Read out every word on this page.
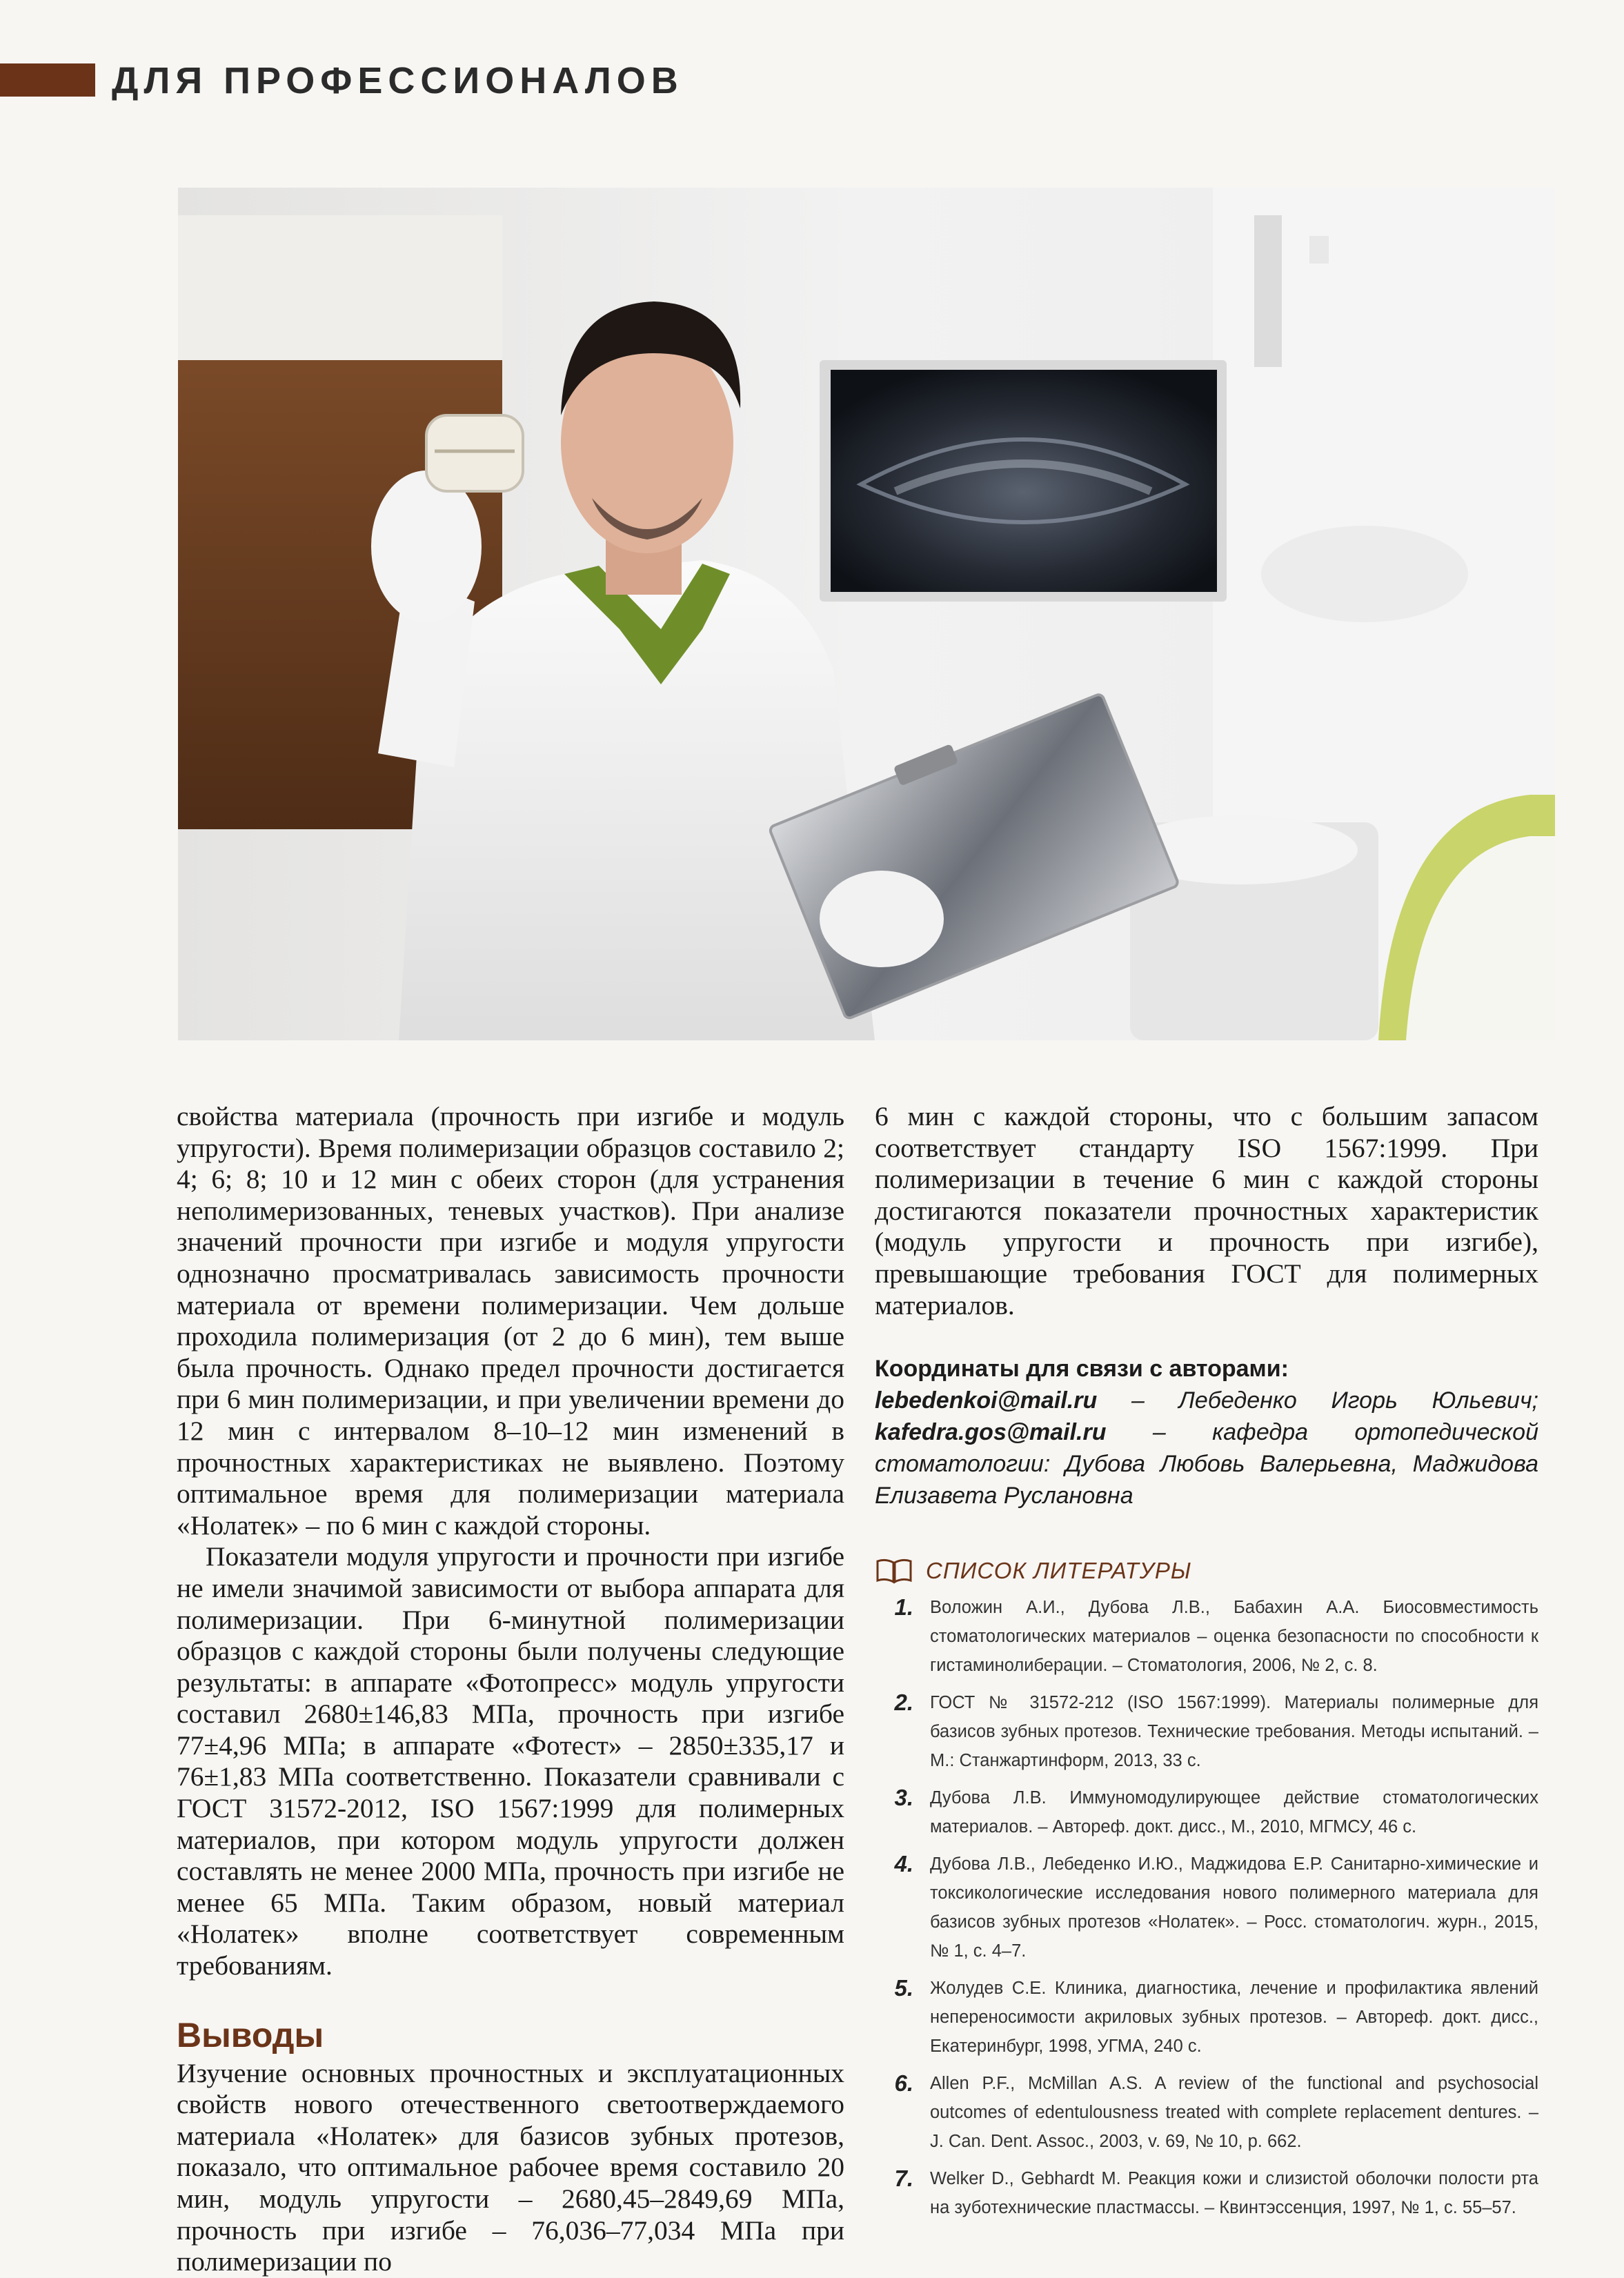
ДЛЯ ПРОФЕССИОНАЛОВ

свойства материала (прочность при изгибе и модуль упругости). Время полимеризации образцов составило 2; 4; 6; 8; 10 и 12 мин с обеих сторон (для устранения неполимеризованных, теневых участков). При анализе значений прочности при изгибе и модуля упругости однозначно просматривалась зависимость прочности материала от времени полимеризации. Чем дольше проходила полимеризация (от 2 до 6 мин), тем выше была прочность. Однако предел прочности достигается при 6 мин полимеризации, и при увеличении времени до 12 мин с интервалом 8–10–12 мин изменений в прочностных характеристиках не выявлено. Поэтому оптимальное время для полимеризации материала «Нолатек» – по 6 мин с каждой стороны.

Показатели модуля упругости и прочности при изгибе не имели значимой зависимости от выбора аппарата для полимеризации. При 6-минутной полимеризации образцов с каждой стороны были получены следующие результаты: в аппарате «Фотопресс» модуль упругости составил 2680±146,83 МПа, прочность при изгибе 77±4,96 МПа; в аппарате «Фотест» – 2850±335,17 и 76±1,83 МПа соответственно. Показатели сравнивали с ГОСТ 31572-2012, ISO 1567:1999 для полимерных материалов, при котором модуль упругости должен составлять не менее 2000 МПа, прочность при изгибе не менее 65 МПа. Таким образом, новый материал «Нолатек» вполне соответствует современным требованиям.

Выводы

Изучение основных прочностных и эксплуатационных свойств нового отечественного светоотверждаемого материала «Нолатек» для базисов зубных протезов, показало, что оптимальное рабочее время составило 20 мин, модуль упругости – 2680,45–2849,69 МПа, прочность при изгибе – 76,036–77,034 МПа при полимеризации по

6 мин с каждой стороны, что с большим запасом соответствует стандарту ISO 1567:1999. При полимеризации в течение 6 мин с каждой стороны достигаются показатели прочностных характеристик (модуль упругости и прочность при изгибе), превышающие требования ГОСТ для полимерных материалов.

Координаты для связи с авторами:

lebedenkoi@mail.ru – Лебеденко Игорь Юльевич; kafedra.gos@mail.ru – кафедра ортопедической стоматологии: Дубова Любовь Валерьевна, Маджидова Елизавета Руслановна

СПИСОК ЛИТЕРАТУРЫ
1. Воложин А.И., Дубова Л.В., Бабахин А.А. Биосовместимость стоматологических материалов – оценка безопасности по способности к гистаминолиберации. – Стоматология, 2006, № 2, с. 8.
2. ГОСТ № 31572-212 (ISO 1567:1999). Материалы полимерные для базисов зубных протезов. Технические требования. Методы испытаний. – М.: Станжартинформ, 2013, 33 с.
3. Дубова Л.В. Иммуномодулирующее действие стоматологических материалов. – Автореф. докт. дисс., М., 2010, МГМСУ, 46 с.
4. Дубова Л.В., Лебеденко И.Ю., Маджидова Е.Р. Санитарно-химические и токсикологические исследования нового полимерного материала для базисов зубных протезов «Нолатек». – Росс. стоматологич. журн., 2015, № 1, с. 4–7.
5. Жолудев С.Е. Клиника, диагностика, лечение и профилактика явлений непереносимости акриловых зубных протезов. – Автореф. докт. дисс., Екатеринбург, 1998, УГМА, 240 с.
6. Allen P.F., McMillan A.S. A review of the functional and psychosocial outcomes of edentulousness treated with complete replacement dentures. – J. Can. Dent. Assoc., 2003, v. 69, № 10, p. 662.
7. Welker D., Gebhardt M. Реакция кожи и слизистой оболочки полости рта на зуботехнические пластмассы. – Квинтэссенция, 1997, № 1, с. 55–57.
